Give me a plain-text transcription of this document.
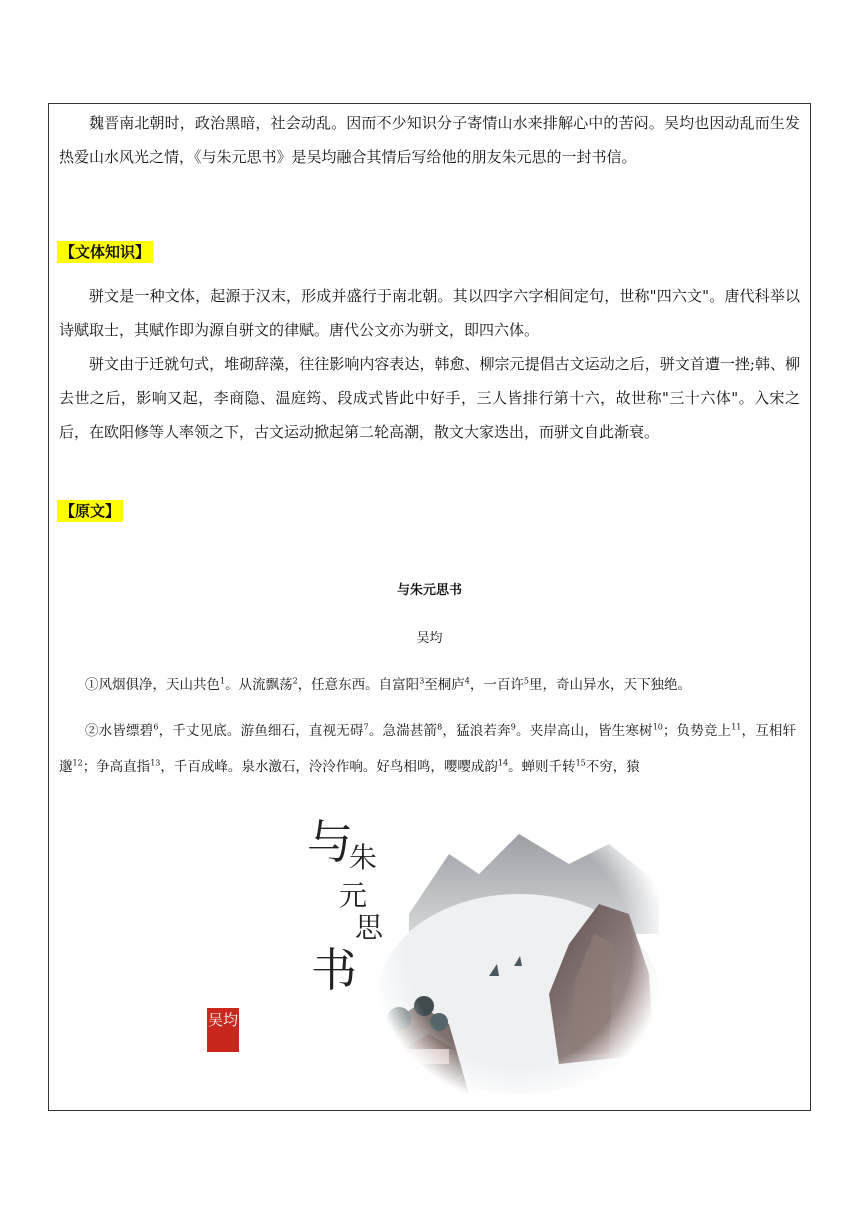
魏晋南北朝时，政治黑暗，社会动乱。因而不少知识分子寄情山水来排解心中的苦闷。吴均也因动乱而生发热爱山水风光之情，《与朱元思书》是吴均融合其情后写给他的朋友朱元思的一封书信。

【文体知识】

骈文是一种文体，起源于汉末，形成并盛行于南北朝。其以四字六字相间定句，世称"四六文"。唐代科举以诗赋取士，其赋作即为源自骈文的律赋。唐代公文亦为骈文，即四六体。

骈文由于迁就句式，堆砌辞藻，往往影响内容表达，韩愈、柳宗元提倡古文运动之后，骈文首遭一挫;韩、柳去世之后，影响又起，李商隐、温庭筠、段成式皆此中好手，三人皆排行第十六，故世称"三十六体"。入宋之后，在欧阳修等人率领之下，古文运动掀起第二轮高潮，散文大家迭出，而骈文自此渐衰。

【原文】
与朱元思书
吴均

①风烟俱净，天山共色$^1$。从流飘荡$^2$，任意东西。自富阳$^3$至桐庐$^4$，一百许$^5$里，奇山异水，天下独绝。

②水皆缥碧$^6$，千丈见底。游鱼细石，直视无碍$^7$。急湍甚箭$^8$，猛浪若奔$^9$。夹岸高山，皆生寒树$^{10}$；负势竞上$^{11}$，互相轩邈$^{12}$；争高直指$^{13}$，千百成峰。泉水激石，泠泠作响。好鸟相鸣，嘤嘤成韵$^{14}$。蝉则千转$^{15}$不穷，猿

与
朱
元
思
书
吴均
